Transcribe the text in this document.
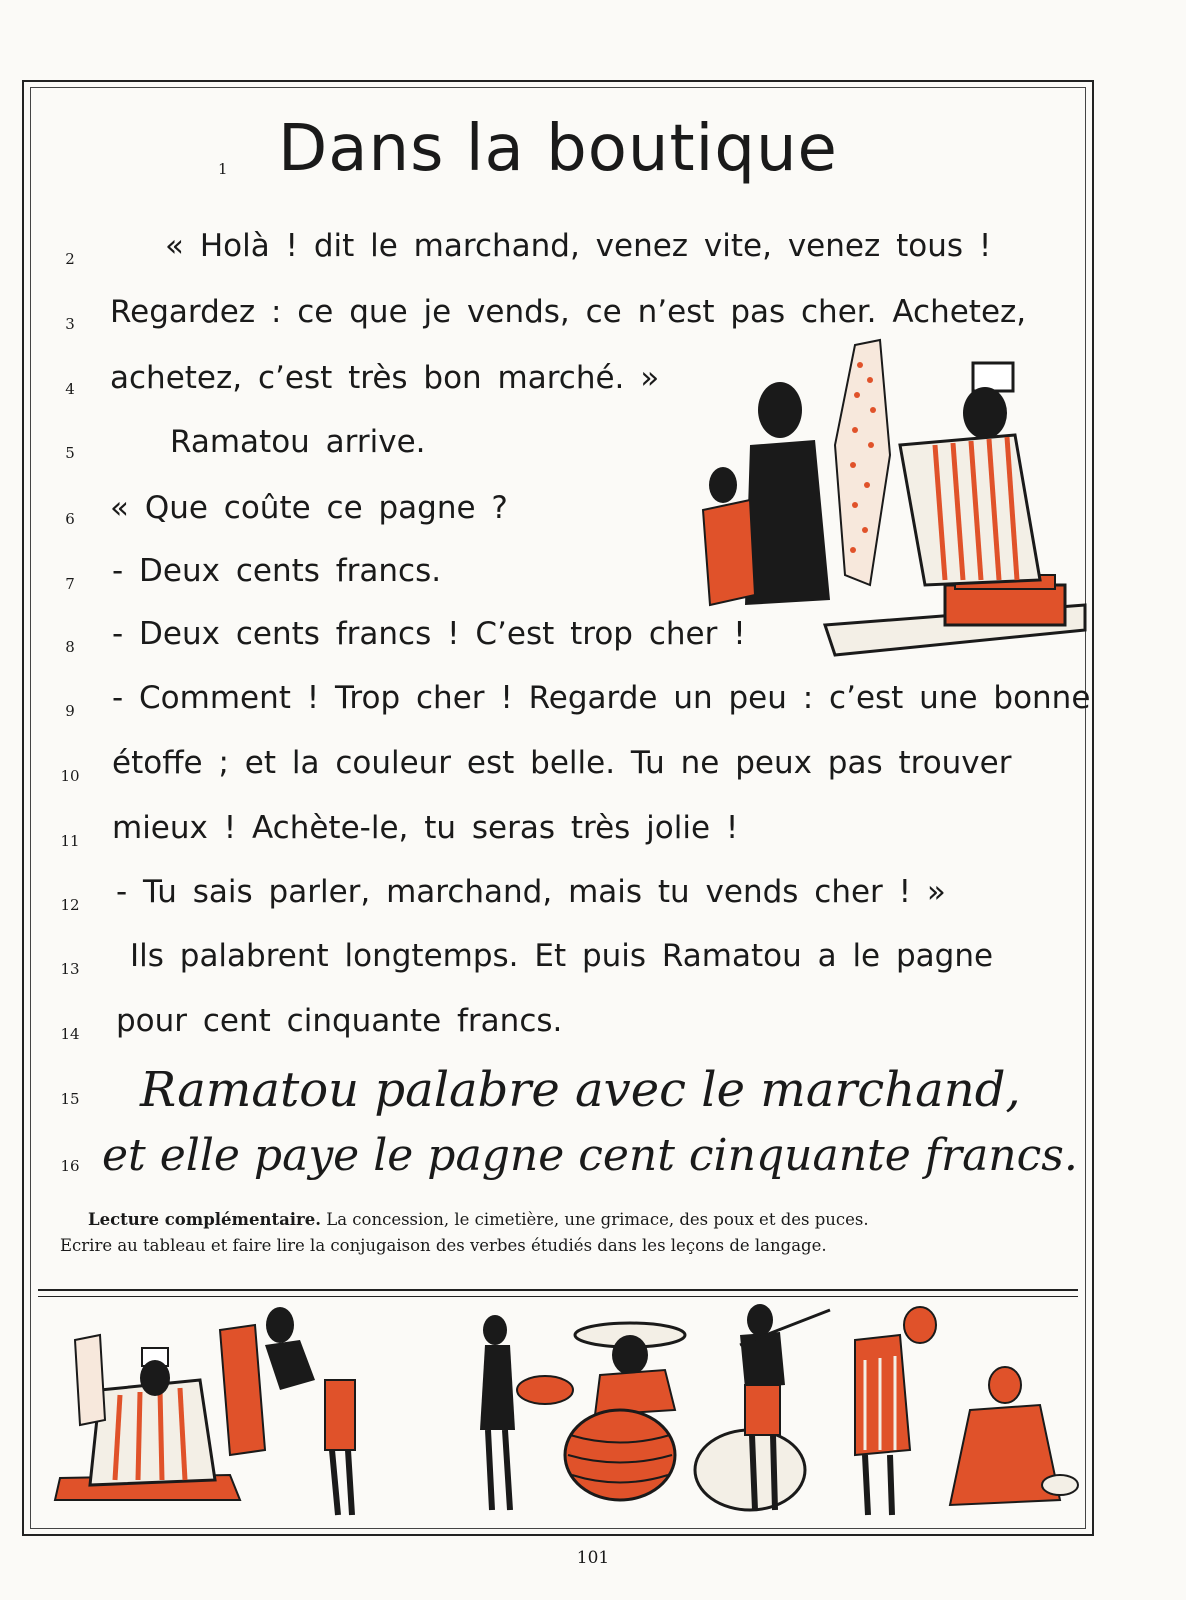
1 Dans la boutique
2	« Holà ! dit le marchand, venez vite, venez tous !
3 Regardez : ce que je vends, ce n’est pas cher. Achetez,
4 achetez, c’est très bon marché. »
5	Ramatou arrive.
6 « Que coûte ce pagne ?
7 - Deux cents francs.
8 - Deux cents francs ! C’est trop cher !
9 - Comment ! Trop cher ! Regarde un peu : c’est une bonne
10 étoffe ; et la couleur est belle. Tu ne peux pas trouver
11 mieux ! Achète-le, tu seras très jolie !
12 - Tu sais parler, marchand, mais tu vends cher ! »
13 Ils palabrent longtemps. Et puis Ramatou a le pagne
14 pour cent cinquante francs.
15 Ramatou palabre avec le marchand,
16 et elle paye le pagne cent cinquante francs.
Lecture complémentaire. La concession, le cimetière, une grimace, des poux et des puces.
Ecrire au tableau et faire lire la conjugaison des verbes étudiés dans les leçons de langage.
101
